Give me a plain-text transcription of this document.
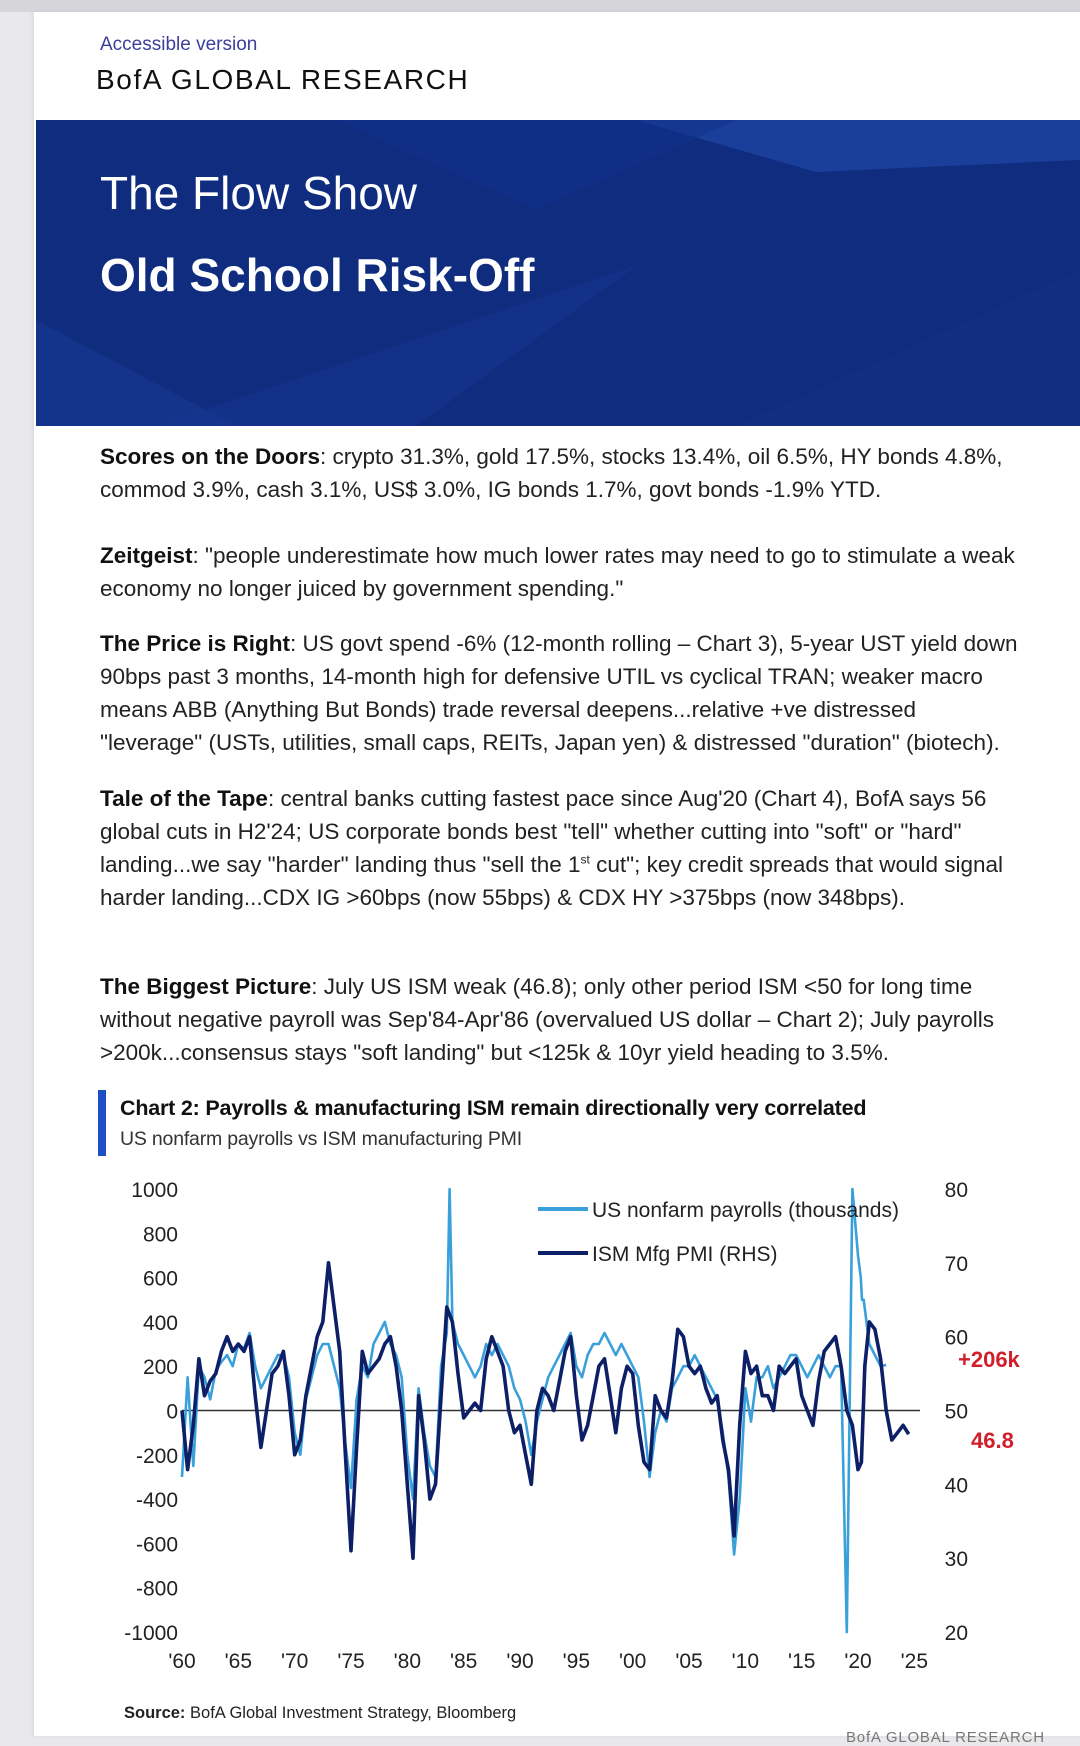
Accessible version
BofA GLOBAL RESEARCH
The Flow Show
Old School Risk-Off
Scores on the Doors: crypto 31.3%, gold 17.5%, stocks 13.4%, oil 6.5%, HY bonds 4.8%, commod 3.9%, cash 3.1%, US$ 3.0%, IG bonds 1.7%, govt bonds -1.9% YTD.
Zeitgeist: "people underestimate how much lower rates may need to go to stimulate a weak economy no longer juiced by government spending."
The Price is Right: US govt spend -6% (12-month rolling – Chart 3), 5-year UST yield down 90bps past 3 months, 14-month high for defensive UTIL vs cyclical TRAN; weaker macro means ABB (Anything But Bonds) trade reversal deepens...relative +ve distressed "leverage" (USTs, utilities, small caps, REITs, Japan yen) & distressed "duration" (biotech).
Tale of the Tape: central banks cutting fastest pace since Aug'20 (Chart 4), BofA says 56 global cuts in H2'24; US corporate bonds best "tell" whether cutting into "soft" or "hard" landing...we say "harder" landing thus "sell the 1st cut"; key credit spreads that would signal harder landing...CDX IG >60bps (now 55bps) & CDX HY >375bps (now 348bps).
The Biggest Picture: July US ISM weak (46.8); only other period ISM <50 for long time without negative payroll was Sep'84-Apr'86 (overvalued US dollar – Chart 2); July payrolls >200k...consensus stays "soft landing" but <125k & 10yr yield heading to 3.5%.
Chart 2: Payrolls & manufacturing ISM remain directionally very correlated
US nonfarm payrolls vs ISM manufacturing PMI
1000
800
600
400
200
0
-200
-400
-600
-800
-1000
80
70
60
50
40
30
20
'60 '65 '70 '75 '80 '85 '90 '95 '00 '05 '10 '15 '20 '25
US nonfarm payrolls (thousands)
ISM Mfg PMI (RHS)
+206k
46.8
Source: BofA Global Investment Strategy, Bloomberg
BofA GLOBAL RESEARCH
